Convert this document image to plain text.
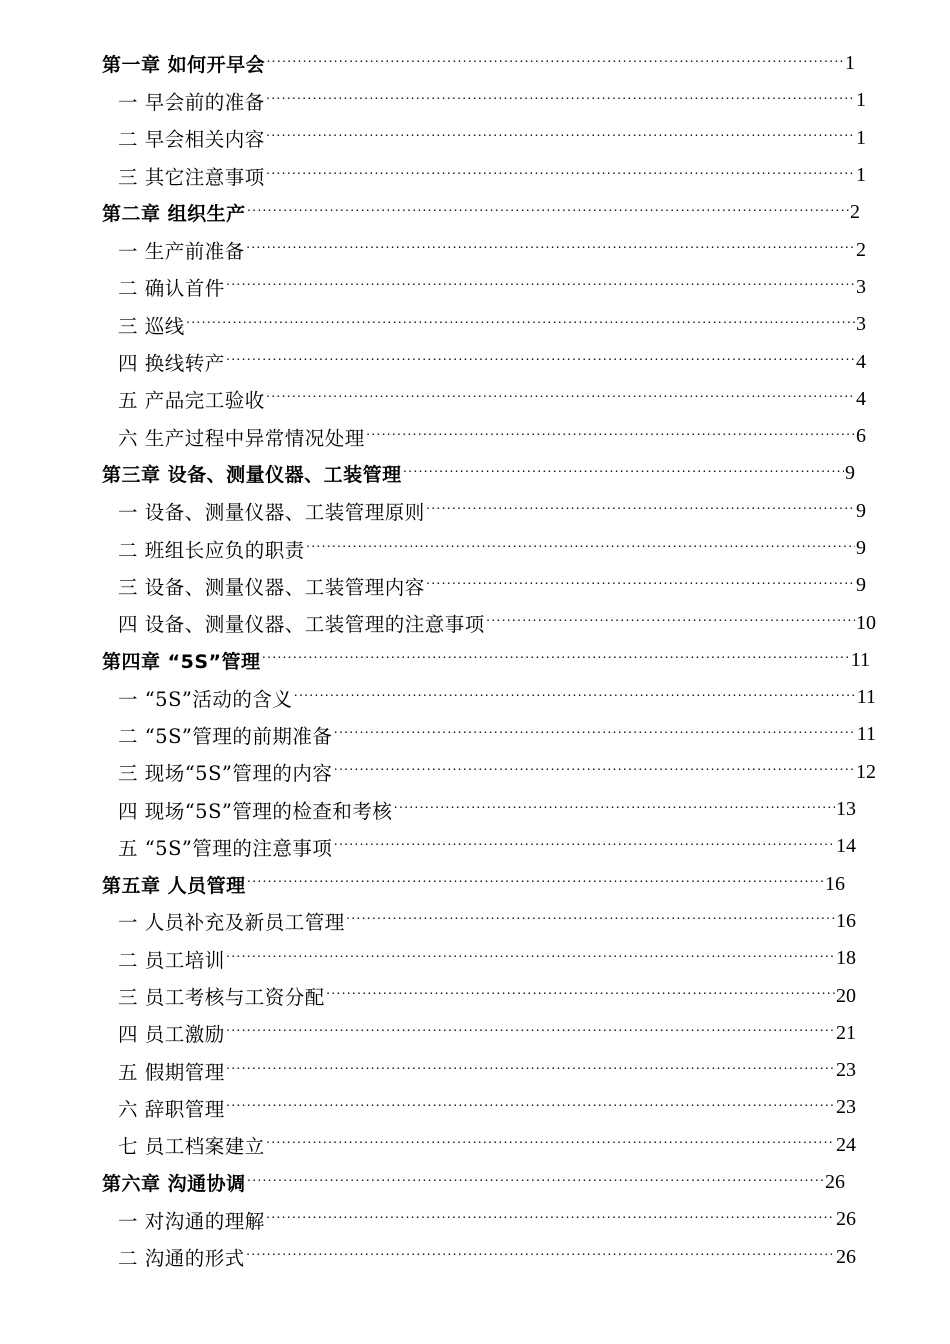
第一章 如何开早会 ·····	1
一 早会前的准备 ·····	1
二 早会相关内容 ·····	1
三 其它注意事项 ·····	1
第二章 组织生产 ·····	2
一 生产前准备 ·····	2
二 确认首件 ·····	3
三 巡线 ·····	3
四 换线转产 ·····	4
五 产品完工验收 ·····	4
六 生产过程中异常情况处理 ·····	6
第三章 设备、测量仪器、工装管理 ·····	9
一 设备、测量仪器、工装管理原则 ·····	9
二 班组长应负的职责 ·····	9
三 设备、测量仪器、工装管理内容 ·····	9
四 设备、测量仪器、工装管理的注意事项 ·····	10
第四章 “5S”管理 ·····	11
一 “5S”活动的含义 ·····	11
二 “5S”管理的前期准备 ·····	11
三 现场“5S”管理的内容 ·····	12
四 现场“5S”管理的检查和考核 ·····	13
五 “5S”管理的注意事项 ·····	14
第五章 人员管理 ·····	16
一 人员补充及新员工管理 ·····	16
二 员工培训 ·····	18
三 员工考核与工资分配 ·····	20
四 员工激励 ·····	21
五 假期管理 ·····	23
六 辞职管理 ·····	23
七 员工档案建立 ·····	24
第六章 沟通协调 ·····	26
一 对沟通的理解 ·····	26
二 沟通的形式 ·····	26
